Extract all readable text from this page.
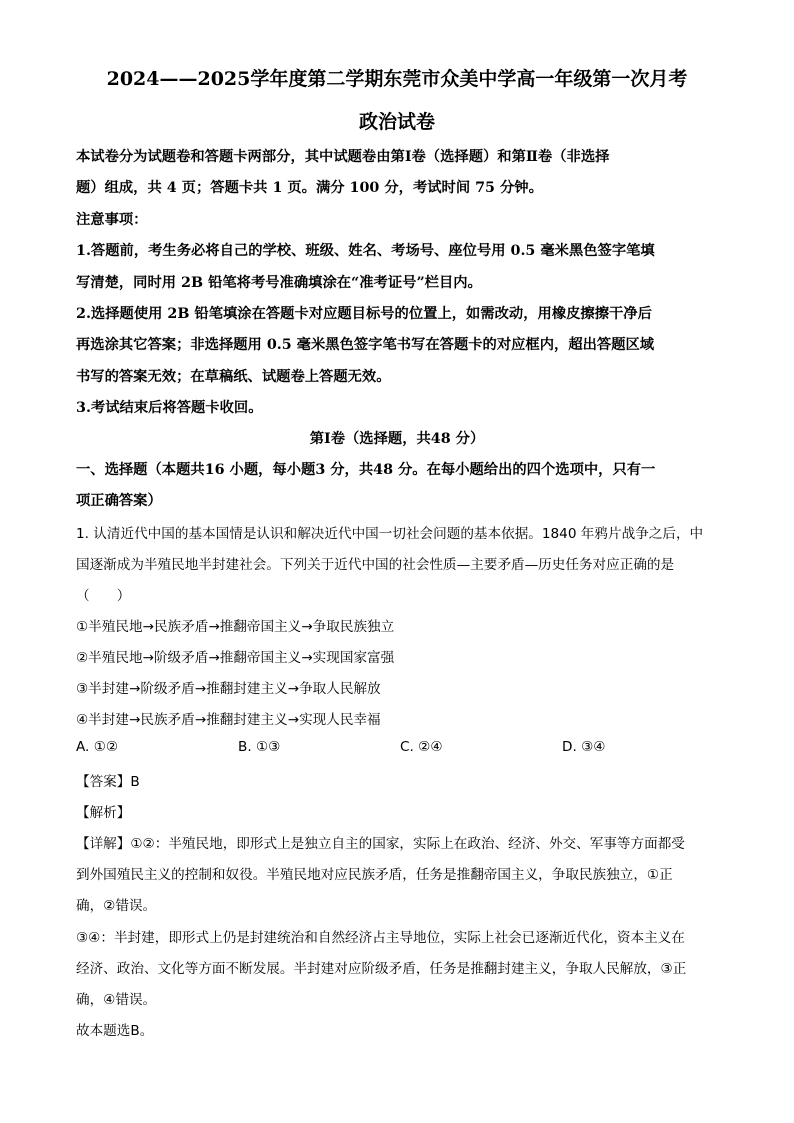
2024——2025学年度第二学期东莞市众美中学高一年级第一次月考
政治试卷
本试卷分为试题卷和答题卡两部分，其中试题卷由第Ⅰ卷（选择题）和第Ⅱ卷（非选择
题）组成，共 4 页；答题卡共 1 页。满分 100 分，考试时间 75 分钟。
注意事项：
1.答题前，考生务必将自己的学校、班级、姓名、考场号、座位号用 0.5 毫米黑色签字笔填
写清楚，同时用 2B 铅笔将考号准确填涂在“准考证号”栏目内。
2.选择题使用 2B 铅笔填涂在答题卡对应题目标号的位置上，如需改动，用橡皮擦擦干净后
再选涂其它答案；非选择题用 0.5 毫米黑色签字笔书写在答题卡的对应框内，超出答题区域
书写的答案无效；在草稿纸、试题卷上答题无效。
3.考试结束后将答题卡收回。
第Ⅰ卷（选择题，共48 分）
一、选择题（本题共16 小题，每小题3 分，共48 分。在每小题给出的四个选项中，只有一
项正确答案）
1. 认清近代中国的基本国情是认识和解决近代中国一切社会问题的基本依据。1840 年鸦片战争之后，中
国逐渐成为半殖民地半封建社会。下列关于近代中国的社会性质—主要矛盾—历史任务对应正确的是
（　　）
①半殖民地→民族矛盾→推翻帝国主义→争取民族独立
②半殖民地→阶级矛盾→推翻帝国主义→实现国家富强
③半封建→阶级矛盾→推翻封建主义→争取人民解放
④半封建→民族矛盾→推翻封建主义→实现人民幸福
A. ①②	B. ①③	C. ②④	D. ③④
【答案】B
【解析】
【详解】①②：半殖民地，即形式上是独立自主的国家，实际上在政治、经济、外交、军事等方面都受
到外国殖民主义的控制和奴役。半殖民地对应民族矛盾，任务是推翻帝国主义，争取民族独立，①正
确，②错误。
③④：半封建，即形式上仍是封建统治和自然经济占主导地位，实际上社会已逐渐近代化，资本主义在
经济、政治、文化等方面不断发展。半封建对应阶级矛盾，任务是推翻封建主义，争取人民解放，③正
确，④错误。
故本题选B。
